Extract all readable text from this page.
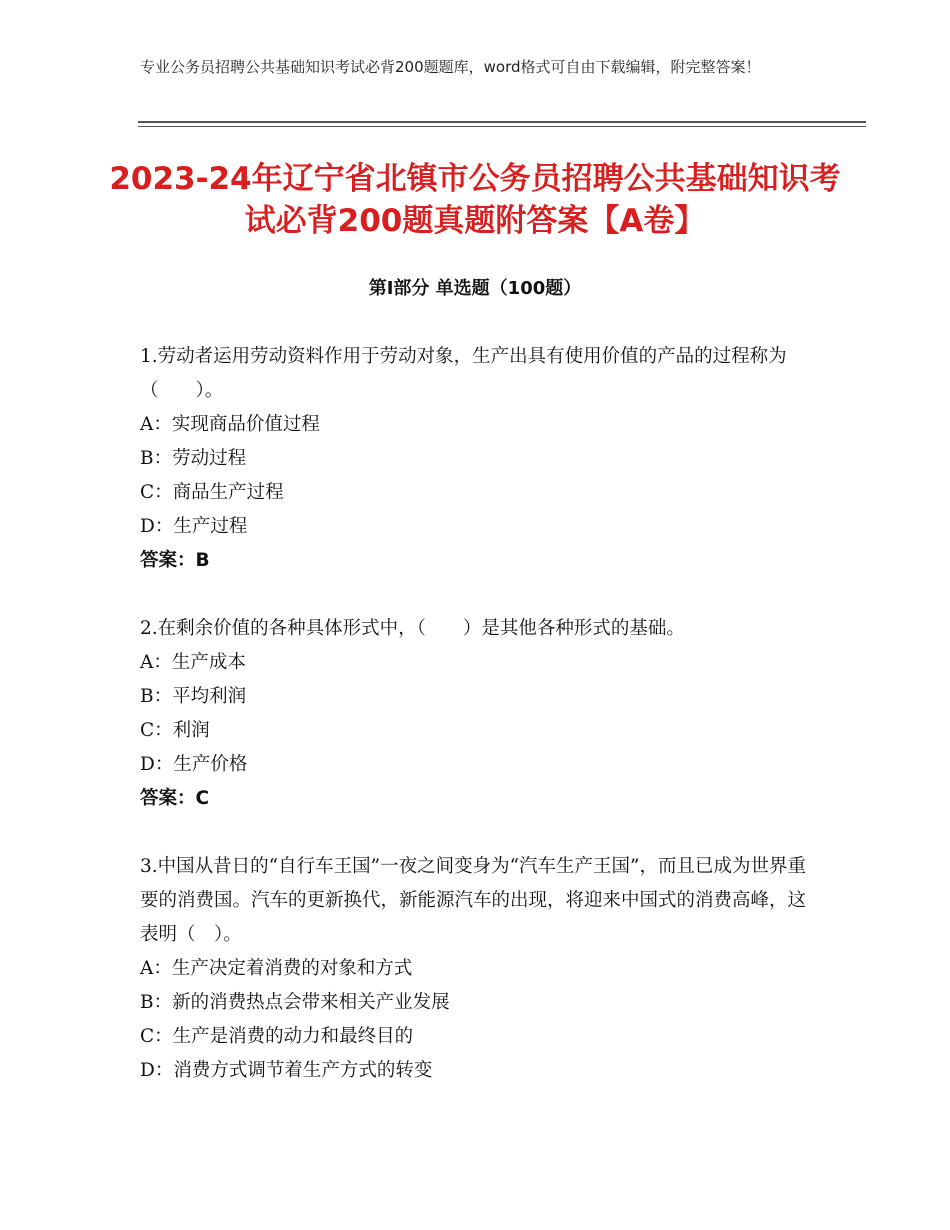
专业公务员招聘公共基础知识考试必背200题题库，word格式可自由下载编辑，附完整答案！
2023-24年辽宁省北镇市公务员招聘公共基础知识考试必背200题真题附答案【A卷】
第Ⅰ部分 单选题（100题）

1.劳动者运用劳动资料作用于劳动对象，生产出具有使用价值的产品的过程称为（　　）。

A：实现商品价值过程

B：劳动过程

C：商品生产过程

D：生产过程

答案：B

2.在剩余价值的各种具体形式中，（　　）是其他各种形式的基础。

A：生产成本

B：平均利润

C：利润

D：生产价格

答案：C

3.中国从昔日的“自行车王国”一夜之间变身为“汽车生产王国”，而且已成为世界重要的消费国。汽车的更新换代，新能源汽车的出现，将迎来中国式的消费高峰，这表明（　）。

A：生产决定着消费的对象和方式

B：新的消费热点会带来相关产业发展

C：生产是消费的动力和最终目的

D：消费方式调节着生产方式的转变
